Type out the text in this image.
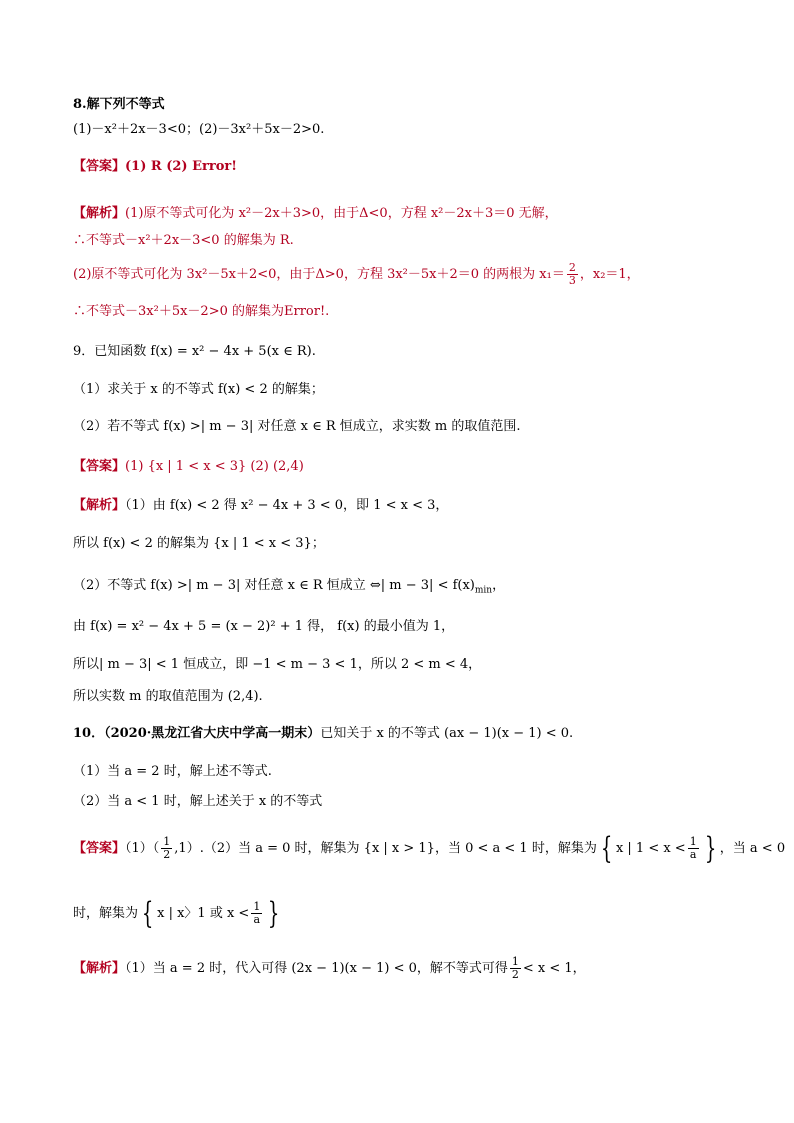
8.解下列不等式
(1)－x²＋2x－3<0；(2)－3x²＋5x－2>0.
【答案】(1) R (2) Error!
【解析】(1)原不等式可化为 x²－2x＋3>0，由于Δ<0，方程 x²－2x＋3＝0 无解，
∴不等式－x²＋2x－3<0 的解集为 R.
(2)原不等式可化为 3x²－5x＋2<0，由于Δ>0，方程 3x²－5x＋2＝0 的两根为 $x_1= \frac{2}{3}$ ，x₂＝1，
∴不等式－3x²＋5x－2>0 的解集为Error!.
9．已知函数 f(x) = x² − 4x + 5(x ∈ R).
（1）求关于 x 的不等式 f(x) < 2 的解集；
（2）若不等式 f(x) >| m − 3| 对任意 x ∈ R 恒成立，求实数 m 的取值范围.
【答案】(1) {x | 1 < x < 3} (2) (2,4)
【解析】（1）由 f(x) < 2 得 x² − 4x + 3 < 0，即 1 < x < 3，
所以 f(x) < 2 的解集为 {x | 1 < x < 3}；
（2）不等式 f(x) >| m − 3| 对任意 x ∈ R 恒成立 ⇔| $m - 3| < f(x)_{min}$，
由 f(x) = x² − 4x + 5 = (x − 2)² + 1 得， f(x) 的最小值为 1，
所以| m − 3| < 1 恒成立，即 −1 < m − 3 < 1，所以 2 < m < 4，
所以实数 m 的取值范围为 (2,4).
10．（2020·黑龙江省大庆中学高一期末）已知关于 x 的不等式 (ax − 1)(x − 1) < 0.
（1）当 a = 2 时，解上述不等式.
（2）当 a < 1 时，解上述关于 x 的不等式
【答案】$(1)( \frac{1}{2} ,1).(2)$当 a = 0 时，解集为 {x | x > 1}，当 0 < a < 1 时，解集为 { x | $1 < x < \frac{1}{a}$ } ，当 a < 0
时，解集为 { x | x〉1 或 $x < \frac{1}{a}$ }
【解析】（1）当 a = 2 时，代入可得 (2x − 1)(x − 1) < 0，解不等式可得 $\frac{1}{2} < x < 1$，
